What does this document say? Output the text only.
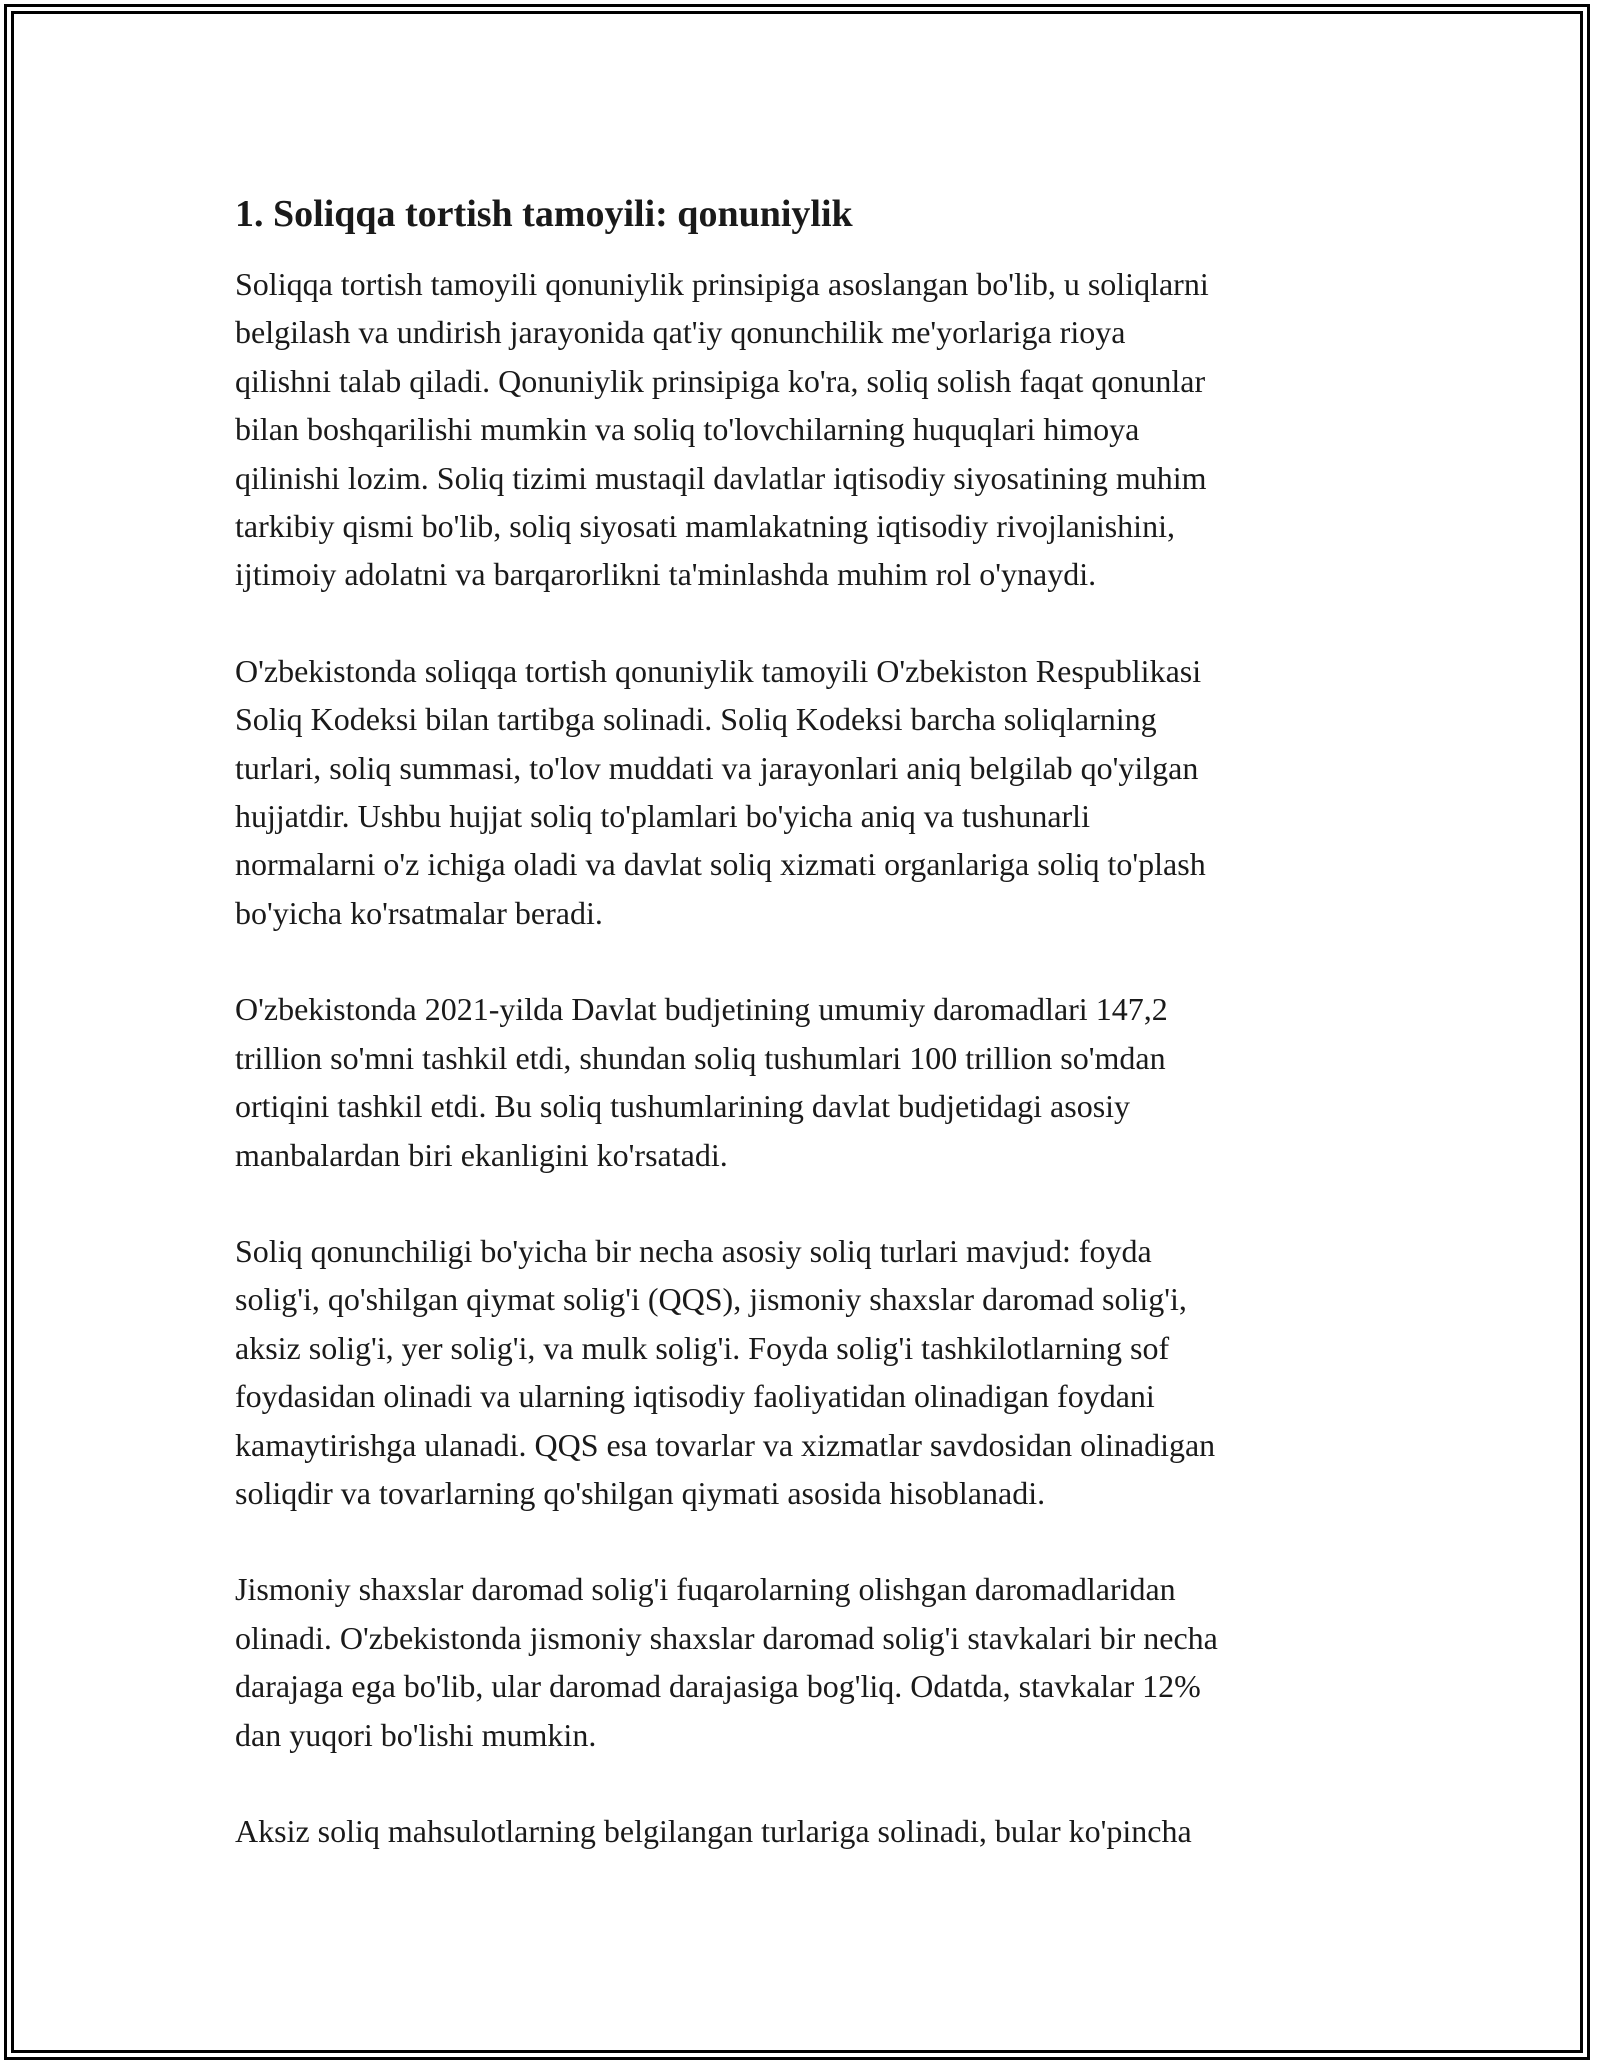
1. Soliqqa tortish tamoyili: qonuniylik

Soliqqa tortish tamoyili qonuniylik prinsipiga asoslangan bo'lib, u soliqlarni
belgilash va undirish jarayonida qat'iy qonunchilik me'yorlariga rioya
qilishni talab qiladi. Qonuniylik prinsipiga ko'ra, soliq solish faqat qonunlar
bilan boshqarilishi mumkin va soliq to'lovchilarning huquqlari himoya
qilinishi lozim. Soliq tizimi mustaqil davlatlar iqtisodiy siyosatining muhim
tarkibiy qismi bo'lib, soliq siyosati mamlakatning iqtisodiy rivojlanishini,
ijtimoiy adolatni va barqarorlikni ta'minlashda muhim rol o'ynaydi.

O'zbekistonda soliqqa tortish qonuniylik tamoyili O'zbekiston Respublikasi
Soliq Kodeksi bilan tartibga solinadi. Soliq Kodeksi barcha soliqlarning
turlari, soliq summasi, to'lov muddati va jarayonlari aniq belgilab qo'yilgan
hujjatdir. Ushbu hujjat soliq to'plamlari bo'yicha aniq va tushunarli
normalarni o'z ichiga oladi va davlat soliq xizmati organlariga soliq to'plash
bo'yicha ko'rsatmalar beradi.

O'zbekistonda 2021-yilda Davlat budjetining umumiy daromadlari 147,2
trillion so'mni tashkil etdi, shundan soliq tushumlari 100 trillion so'mdan
ortiqini tashkil etdi. Bu soliq tushumlarining davlat budjetidagi asosiy
manbalardan biri ekanligini ko'rsatadi.

Soliq qonunchiligi bo'yicha bir necha asosiy soliq turlari mavjud: foyda
solig'i, qo'shilgan qiymat solig'i (QQS), jismoniy shaxslar daromad solig'i,
aksiz solig'i, yer solig'i, va mulk solig'i. Foyda solig'i tashkilotlarning sof
foydasidan olinadi va ularning iqtisodiy faoliyatidan olinadigan foydani
kamaytirishga ulanadi. QQS esa tovarlar va xizmatlar savdosidan olinadigan
soliqdir va tovarlarning qo'shilgan qiymati asosida hisoblanadi.

Jismoniy shaxslar daromad solig'i fuqarolarning olishgan daromadlaridan
olinadi. O'zbekistonda jismoniy shaxslar daromad solig'i stavkalari bir necha
darajaga ega bo'lib, ular daromad darajasiga bog'liq. Odatda, stavkalar 12%
dan yuqori bo'lishi mumkin.

Aksiz soliq mahsulotlarning belgilangan turlariga solinadi, bular ko'pincha
